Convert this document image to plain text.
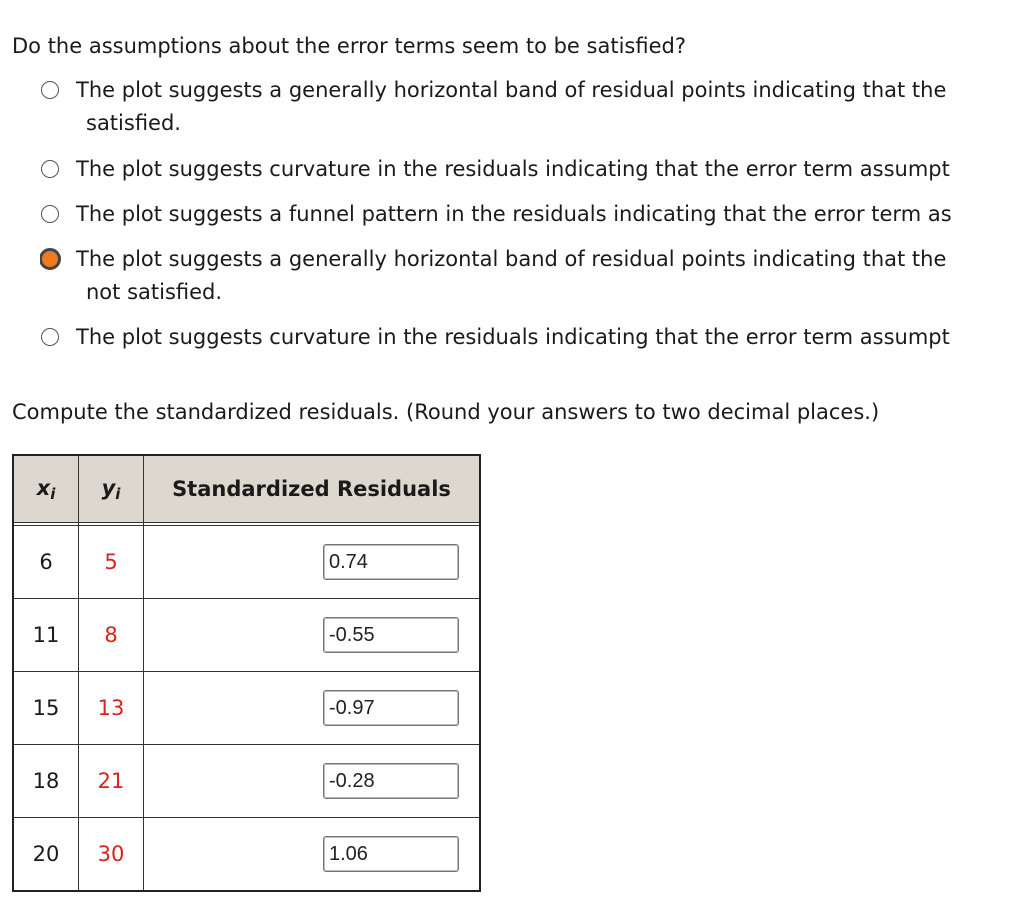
Do the assumptions about the error terms seem to be satisfied?
The plot suggests a generally horizontal band of residual points indicating that the
satisfied.
The plot suggests curvature in the residuals indicating that the error term assumpt
The plot suggests a funnel pattern in the residuals indicating that the error term as
The plot suggests a generally horizontal band of residual points indicating that the
not satisfied.
The plot suggests curvature in the residuals indicating that the error term assumpt
Compute the standardized residuals. (Round your answers to two decimal places.)
$x_i$	$y_i$	Standardized Residuals

6	5	0.74

11	8	-0.55

15	13	-0.97

18	21	-0.28

20	30	1.06
